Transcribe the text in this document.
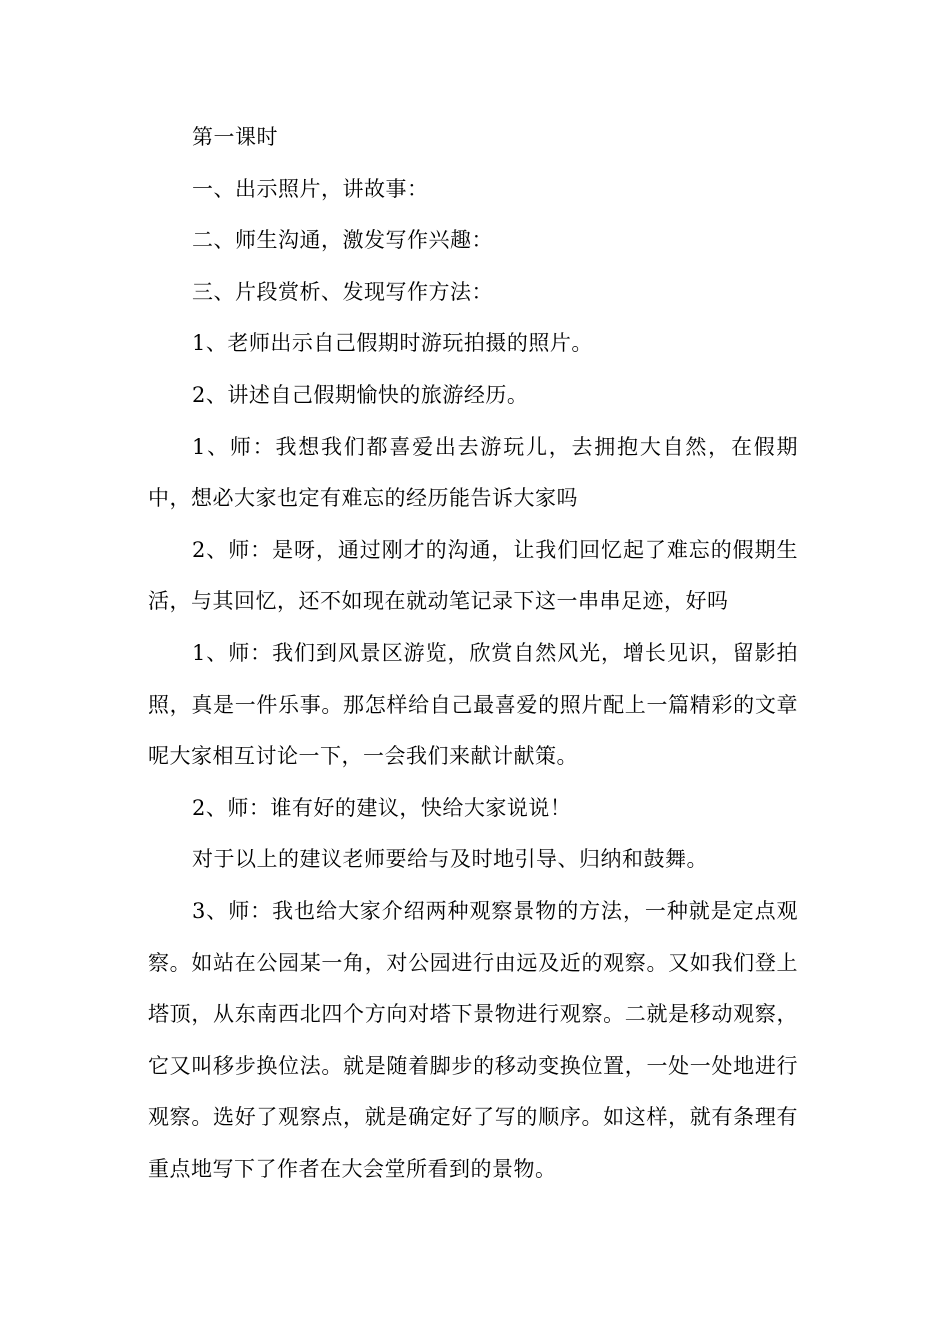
第一课时

一、出示照片，讲故事：

二、师生沟通，激发写作兴趣：

三、片段赏析、发现写作方法：

1、老师出示自己假期时游玩拍摄的照片。

2、讲述自己假期愉快的旅游经历。

1、师：我想我们都喜爱出去游玩儿，去拥抱大自然，在假期中，想必大家也定有难忘的经历能告诉大家吗

2、师：是呀，通过刚才的沟通，让我们回忆起了难忘的假期生活，与其回忆，还不如现在就动笔记录下这一串串足迹，好吗

1、师：我们到风景区游览，欣赏自然风光，增长见识，留影拍照，真是一件乐事。那怎样给自己最喜爱的照片配上一篇精彩的文章呢大家相互讨论一下，一会我们来献计献策。

2、师：谁有好的建议，快给大家说说！

对于以上的建议老师要给与及时地引导、归纳和鼓舞。

3、师：我也给大家介绍两种观察景物的方法，一种就是定点观察。如站在公园某一角，对公园进行由远及近的观察。又如我们登上塔顶，从东南西北四个方向对塔下景物进行观察。二就是移动观察，它又叫移步换位法。就是随着脚步的移动变换位置，一处一处地进行观察。选好了观察点，就是确定好了写的顺序。如这样，就有条理有重点地写下了作者在大会堂所看到的景物。
